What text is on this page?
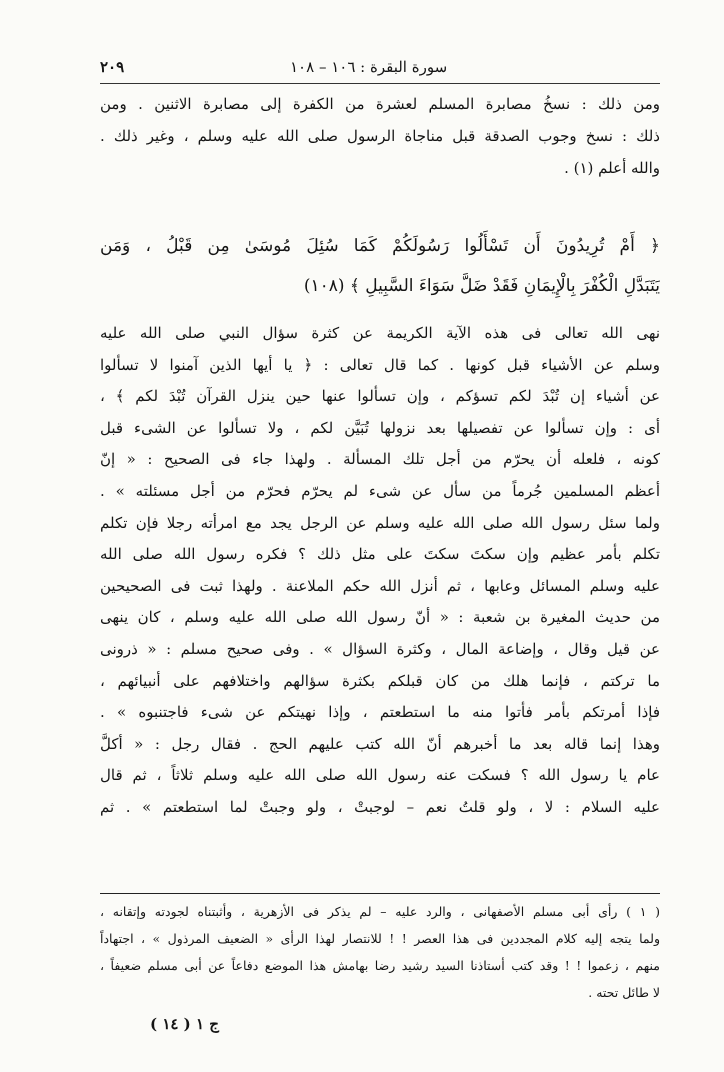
٢٠٩	سورة البقرة : ١٠٦ – ١٠٨
ومن ذلك : نسخُ مصابرة المسلم لعشرة من الكفرة إلى مصابرة الاثنين . ومن
ذلك : نسخ وجوب الصدقة قبل مناجاة الرسول صلى الله عليه وسلم ، وغير ذلك .
والله أعلم (١) .
﴿ أَمْ تُرِيدُونَ أَن تَسْأَلُوا رَسُولَكُمْ كَمَا سُئِلَ مُوسَىٰ مِن قَبْلُ ، وَمَن
يَتَبَدَّلِ الْكُفْرَ بِالْإِيمَانِ فَقَدْ ضَلَّ سَوَاءَ السَّبِيلِ ﴾ (١٠٨)
نهى الله تعالى فى هذه الآية الكريمة عن كثرة سؤال النبي صلى الله عليه
وسلم عن الأشياء قبل كونها . كما قال تعالى : ﴿ يا أيها الذين آمنوا لا تسألوا
عن أشياء إن تُبْدَ لكم تسؤكم ، وإن تسألوا عنها حين ينزل القرآن تُبْدَ لكم ﴾ ،
أى : وإن تسألوا عن تفصيلها بعد نزولها تُبَيَّن لكم ، ولا تسألوا عن الشىء قبل
كونه ، فلعله أن يحرّم من أجل تلك المسألة . ولهذا جاء فى الصحيح : « إنّ
أعظم المسلمين جُرماً من سأل عن شىء لم يحرّم فحرّم من أجل مسئلته » .
ولما سئل رسول الله صلى الله عليه وسلم عن الرجل يجد مع امرأته رجلا فإن تكلم
تكلم بأمر عظيم وإن سكتَ سكتَ على مثل ذلك ؟ فكره رسول الله صلى الله
عليه وسلم المسائل وعابها ، ثم أنزل الله حكم الملاعنة . ولهذا ثبت فى الصحيحين
من حديث المغيرة بن شعبة : « أنّ رسول الله صلى الله عليه وسلم ، كان ينهى
عن قيل وقال ، وإضاعة المال ، وكثرة السؤال » . وفى صحيح مسلم : « ذرونى
ما تركتم ، فإنما هلك من كان قبلكم بكثرة سؤالهم واختلافهم على أنبيائهم ،
فإذا أمرتكم بأمر فأتوا منه ما استطعتم ، وإذا نهيتكم عن شىء فاجتنبوه » .
وهذا إنما قاله بعد ما أخبرهم أنّ الله كتب عليهم الحج . فقال رجل : « أكلَّ
عام يا رسول الله ؟ فسكت عنه رسول الله صلى الله عليه وسلم ثلاثاً ، ثم قال
عليه السلام : لا ، ولو قلتُ نعم – لوجبتْ ، ولو وجبتْ لما استطعتم » . ثم
( ١ ) رأى أبى مسلم الأصفهانى ، والرد عليه – لم يذكر فى الأزهرية ، وأثبتناه لجودته وإتقانه ،
ولما يتجه إليه كلام المجددين فى هذا العصر ! ! للانتصار لهذا الرأى « الضعيف المرذول » ، اجتهاداً
منهم ، زعموا ! ! وقد كتب أستاذنا السيد رشيد رضا بهامش هذا الموضع دفاعاً عن أبى مسلم ضعيفاً ،
لا طائل تحته .
ج ١ ( ١٤ )
